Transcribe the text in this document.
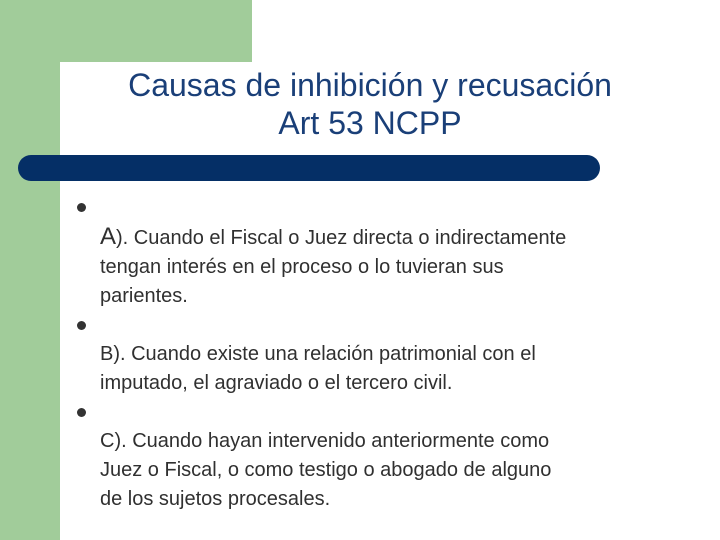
Causas de inhibición y recusación
Art 53 NCPP

A). Cuando el Fiscal o Juez directa o indirectamente
tengan interés en el proceso o lo tuvieran sus
parientes.

B). Cuando existe una relación patrimonial con el
imputado, el agraviado o el tercero civil.

C). Cuando hayan intervenido anteriormente como
Juez o Fiscal, o como testigo o abogado de alguno
de los sujetos procesales.
